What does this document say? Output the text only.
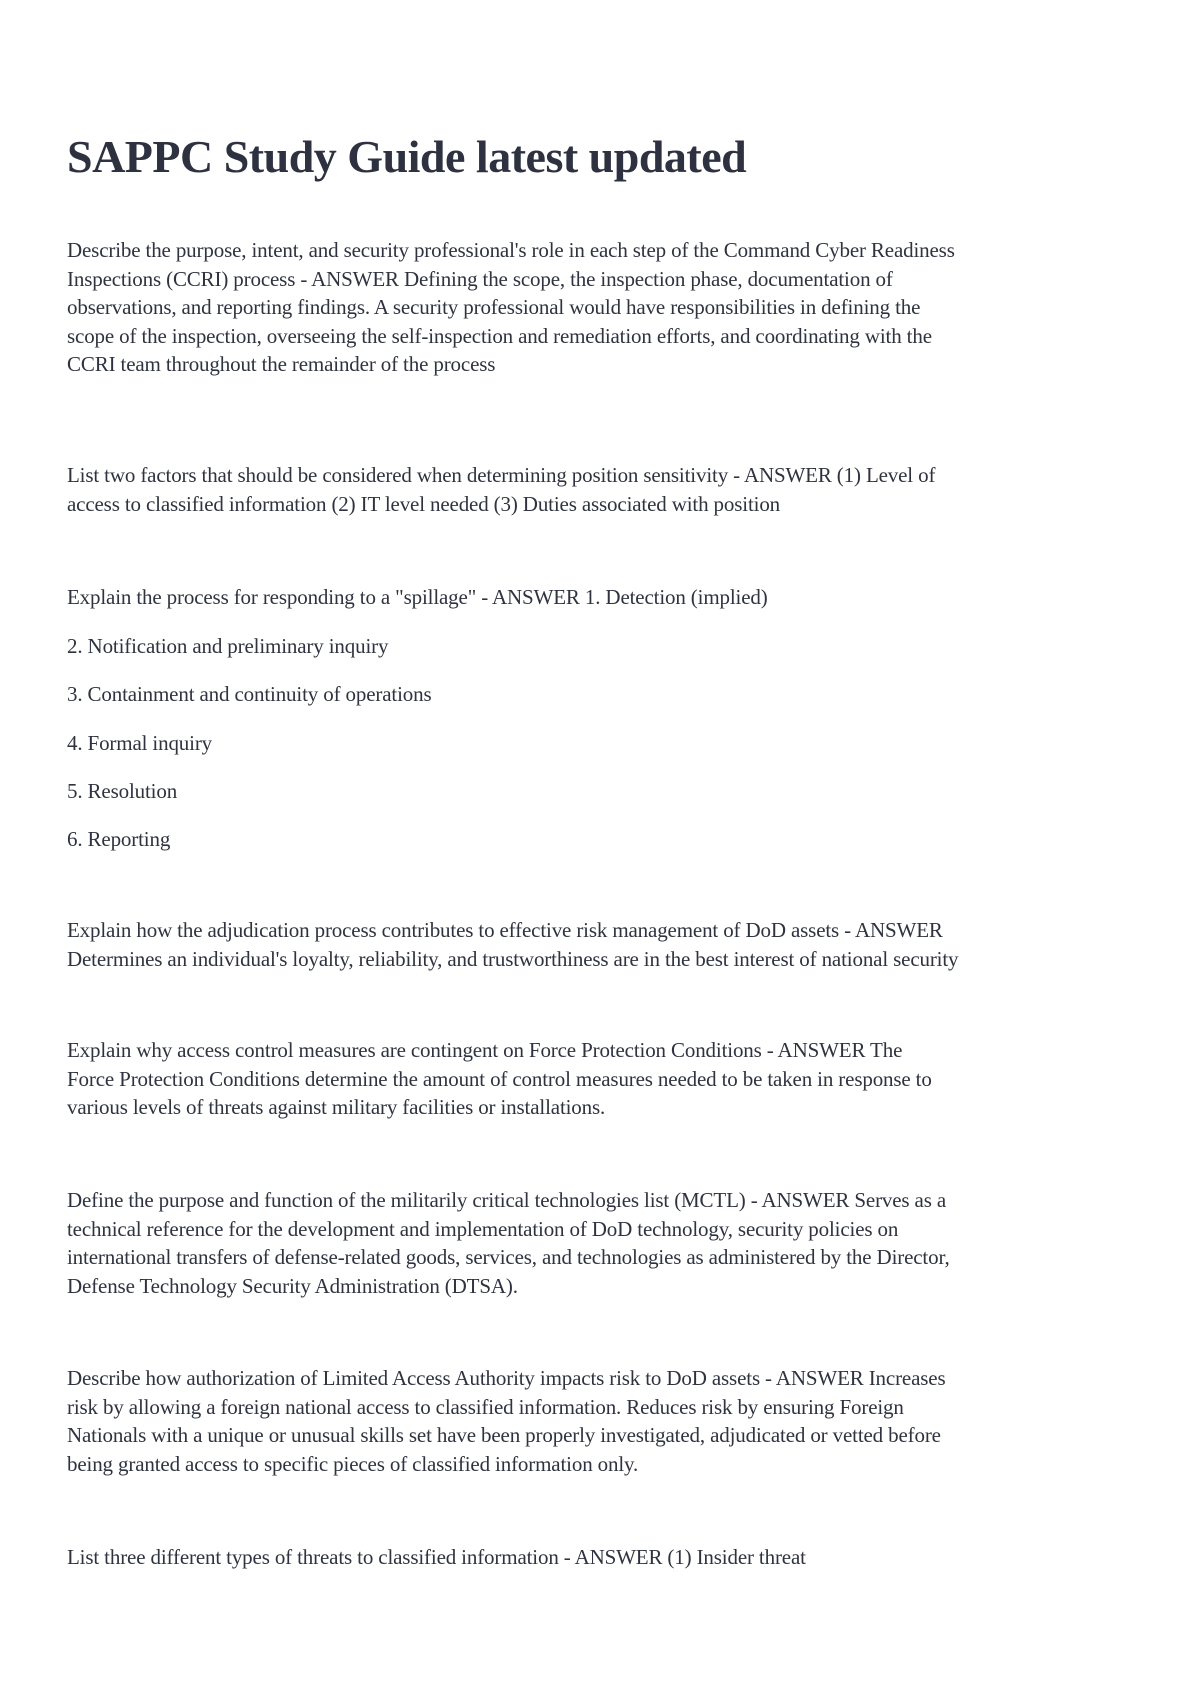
SAPPC Study Guide latest updated

Describe the purpose, intent, and security professional's role in each step of the Command Cyber Readiness
Inspections (CCRI) process - ANSWER Defining the scope, the inspection phase, documentation of
observations, and reporting findings. A security professional would have responsibilities in defining the
scope of the inspection, overseeing the self-inspection and remediation efforts, and coordinating with the
CCRI team throughout the remainder of the process

List two factors that should be considered when determining position sensitivity - ANSWER (1) Level of
access to classified information (2) IT level needed (3) Duties associated with position

Explain the process for responding to a "spillage" - ANSWER 1. Detection (implied)

2. Notification and preliminary inquiry

3. Containment and continuity of operations

4. Formal inquiry

5. Resolution

6. Reporting

Explain how the adjudication process contributes to effective risk management of DoD assets - ANSWER
Determines an individual's loyalty, reliability, and trustworthiness are in the best interest of national security

Explain why access control measures are contingent on Force Protection Conditions - ANSWER The
Force Protection Conditions determine the amount of control measures needed to be taken in response to
various levels of threats against military facilities or installations.

Define the purpose and function of the militarily critical technologies list (MCTL) - ANSWER Serves as a
technical reference for the development and implementation of DoD technology, security policies on
international transfers of defense-related goods, services, and technologies as administered by the Director,
Defense Technology Security Administration (DTSA).

Describe how authorization of Limited Access Authority impacts risk to DoD assets - ANSWER Increases
risk by allowing a foreign national access to classified information. Reduces risk by ensuring Foreign
Nationals with a unique or unusual skills set have been properly investigated, adjudicated or vetted before
being granted access to specific pieces of classified information only.

List three different types of threats to classified information - ANSWER (1) Insider threat
